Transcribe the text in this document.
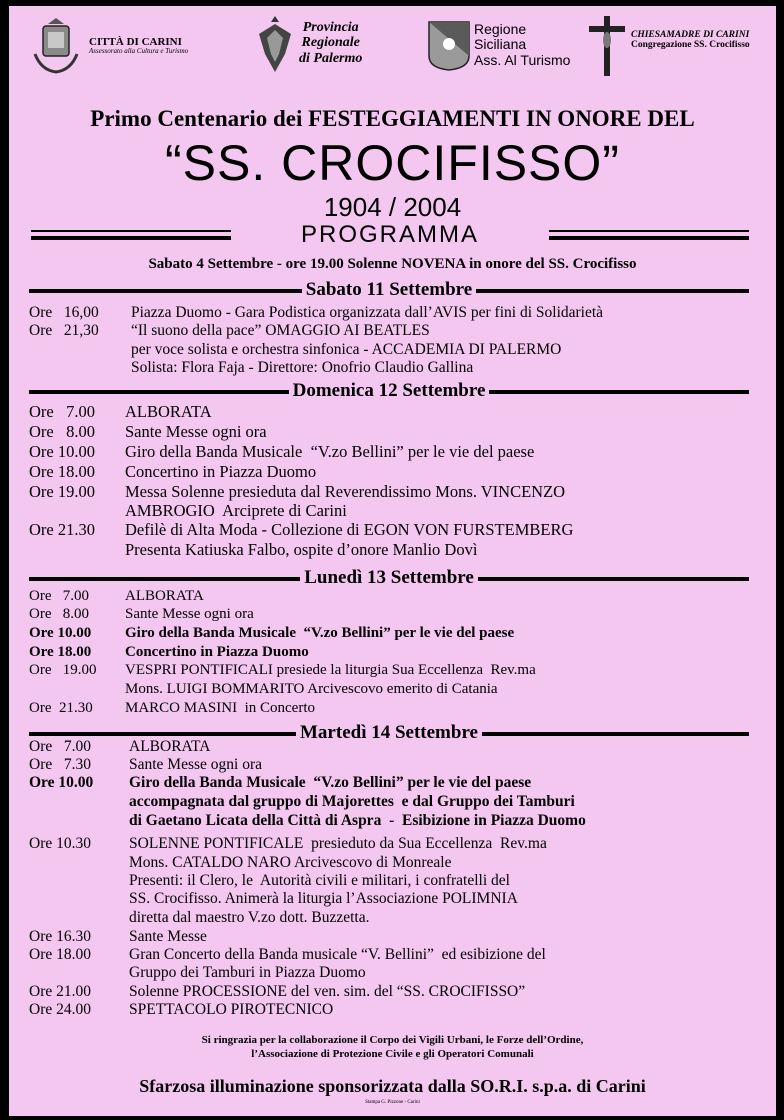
CITTÀ DI CARINI
Assessorato alla Cultura e Turismo
Provincia
Regionale
di Palermo
Regione
Siciliana
Ass. Al Turismo
CHIESAMADRE DI CARINI
Congregazione SS. Crocifisso
Primo Centenario dei FESTEGGIAMENTI IN ONORE DEL
“SS. CROCIFISSO”
1904 / 2004
PROGRAMMA
Sabato 4 Settembre - ore 19.00 Solenne NOVENA in onore del SS. Crocifisso
Sabato 11 Settembre
Ore   16,00 Piazza Duomo - Gara Podistica organizzata dall’AVIS per fini di Solidarietà
Ore   21,30 “Il suono della pace” OMAGGIO AI BEATLES
per voce solista e orchestra sinfonica - ACCADEMIA DI PALERMO
Solista: Flora Faja - Direttore: Onofrio Claudio Gallina
Domenica 12 Settembre
Ore   7.00 ALBORATA
Ore   8.00 Sante Messe ogni ora
Ore 10.00 Giro della Banda Musicale  “V.zo Bellini” per le vie del paese
Ore 18.00 Concertino in Piazza Duomo
Ore 19.00 Messa Solenne presieduta dal Reverendissimo Mons. VINCENZO
AMBROGIO  Arciprete di Carini
Ore 21.30 Defilè di Alta Moda - Collezione di EGON VON FURSTEMBERG
Presenta Katiuska Falbo, ospite d’onore Manlio Dovì
Lunedì 13 Settembre
Ore   7.00 ALBORATA
Ore   8.00 Sante Messe ogni ora
Ore 10.00 Giro della Banda Musicale  “V.zo Bellini” per le vie del paese
Ore 18.00 Concertino in Piazza Duomo
Ore   19.00 VESPRI PONTIFICALI presiede la liturgia Sua Eccellenza  Rev.ma
Mons. LUIGI BOMMARITO Arcivescovo emerito di Catania
Ore  21.30 MARCO MASINI  in Concerto
Martedì 14 Settembre
Ore   7.00 ALBORATA
Ore   7.30 Sante Messe ogni ora
Ore 10.00 Giro della Banda Musicale  “V.zo Bellini” per le vie del paese
accompagnata dal gruppo di Majorettes  e dal Gruppo dei Tamburi
di Gaetano Licata della Città di Aspra  -  Esibizione in Piazza Duomo
Ore 10.30 SOLENNE PONTIFICALE  presieduto da Sua Eccellenza  Rev.ma
Mons. CATALDO NARO Arcivescovo di Monreale
Presenti: il Clero, le  Autorità civili e militari, i confratelli del
SS. Crocifisso. Animerà la liturgia l’Associazione POLIMNIA
diretta dal maestro V.zo dott. Buzzetta.
Ore 16.30 Sante Messe
Ore 18.00 Gran Concerto della Banda musicale “V. Bellini”  ed esibizione del
Gruppo dei Tamburi in Piazza Duomo
Ore 21.00 Solenne PROCESSIONE del ven. sim. del “SS. CROCIFISSO”
Ore 24.00 SPETTACOLO PIROTECNICO
Si ringrazia per la collaborazione il Corpo dei Vigili Urbani, le Forze dell’Ordine,
l’Associazione di Protezione Civile e gli Operatori Comunali
Sfarzosa illuminazione sponsorizzata dalla SO.R.I. s.p.a. di Carini
Stampa G. Pizzone - Carini
